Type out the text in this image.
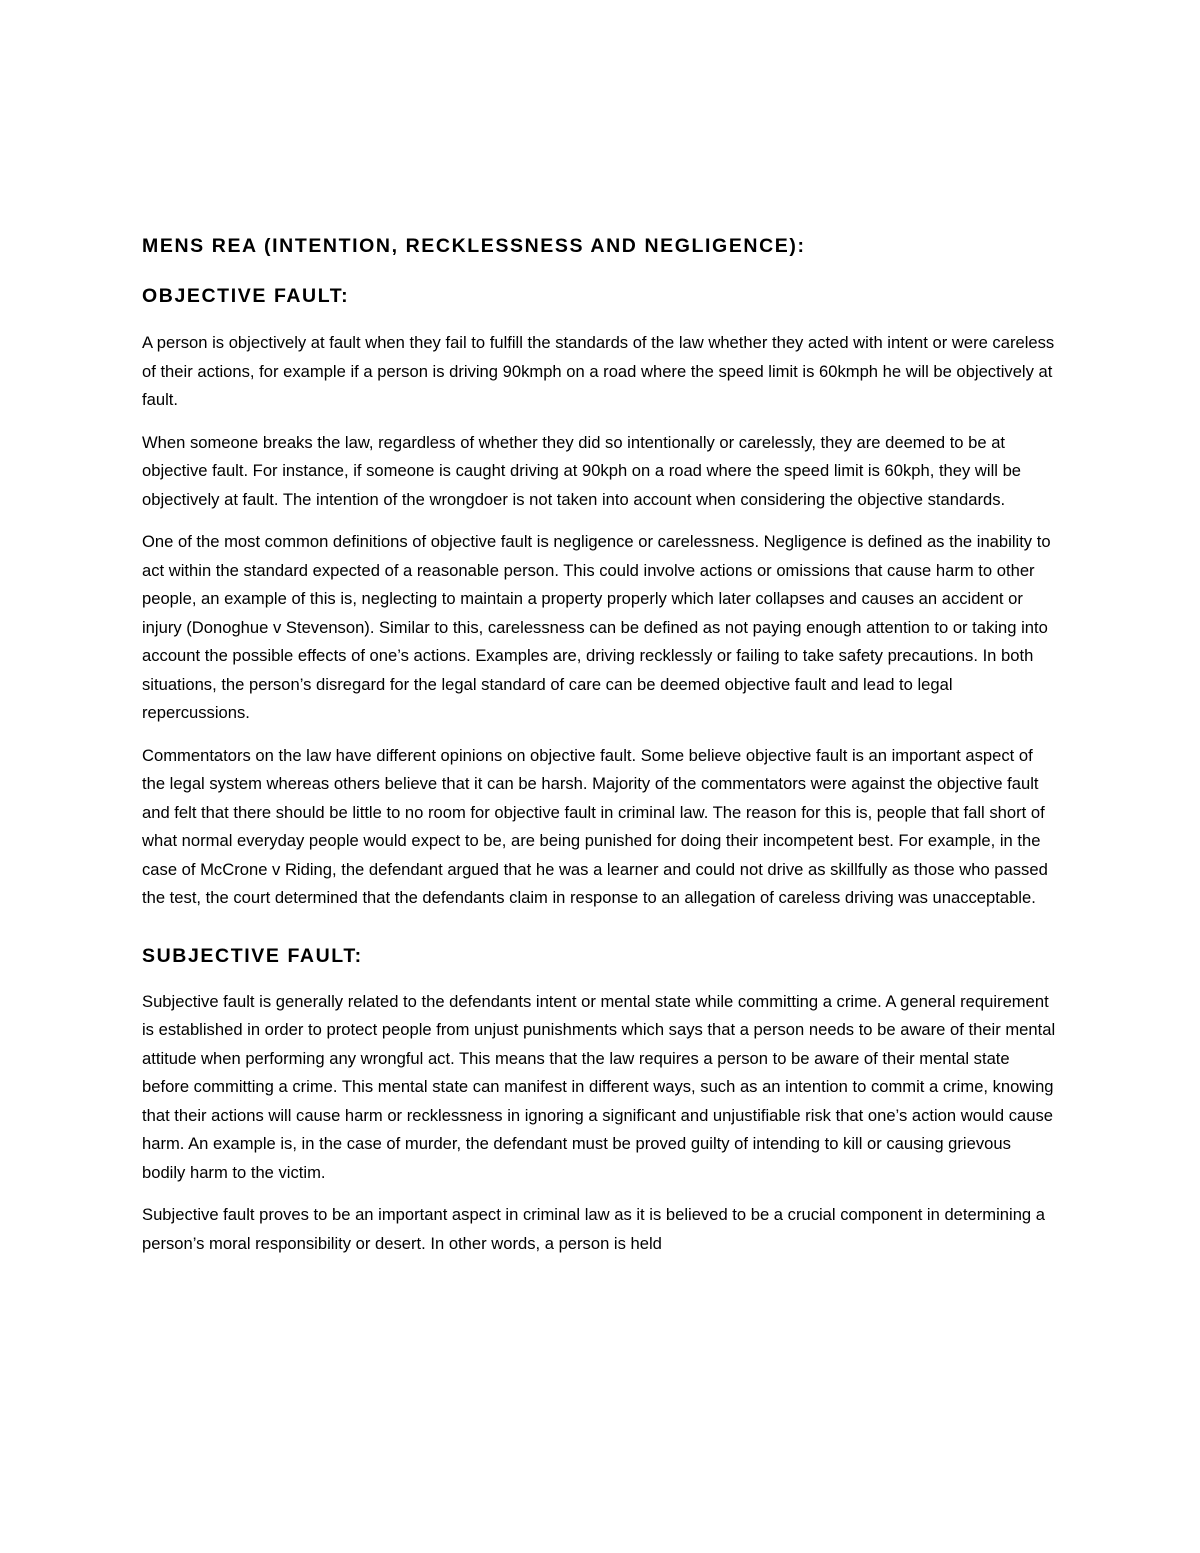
MENS REA (INTENTION, RECKLESSNESS AND NEGLIGENCE):
OBJECTIVE FAULT:

A person is objectively at fault when they fail to fulfill the standards of the law whether they acted with intent or were careless of their actions, for example if a person is driving 90kmph on a road where the speed limit is 60kmph he will be objectively at fault.

When someone breaks the law, regardless of whether they did so intentionally or carelessly, they are deemed to be at objective fault. For instance, if someone is caught driving at 90kph on a road where the speed limit is 60kph, they will be objectively at fault. The intention of the wrongdoer is not taken into account when considering the objective standards.

One of the most common definitions of objective fault is negligence or carelessness. Negligence is defined as the inability to act within the standard expected of a reasonable person. This could involve actions or omissions that cause harm to other people, an example of this is, neglecting to maintain a property properly which later collapses and causes an accident or injury (Donoghue v Stevenson). Similar to this, carelessness can be defined as not paying enough attention to or taking into account the possible effects of one’s actions. Examples are, driving recklessly or failing to take safety precautions. In both situations, the person’s disregard for the legal standard of care can be deemed objective fault and lead to legal repercussions.

Commentators on the law have different opinions on objective fault. Some believe objective fault is an important aspect of the legal system whereas others believe that it can be harsh. Majority of the commentators were against the objective fault and felt that there should be little to no room for objective fault in criminal law. The reason for this is, people that fall short of what normal everyday people would expect to be, are being punished for doing their incompetent best. For example, in the case of McCrone v Riding, the defendant argued that he was a learner and could not drive as skillfully as those who passed the test, the court determined that the defendants claim in response to an allegation of careless driving was unacceptable.

SUBJECTIVE FAULT:

Subjective fault is generally related to the defendants intent or mental state while committing a crime. A general requirement is established in order to protect people from unjust punishments which says that a person needs to be aware of their mental attitude when performing any wrongful act. This means that the law requires a person to be aware of their mental state before committing a crime. This mental state can manifest in different ways, such as an intention to commit a crime, knowing that their actions will cause harm or recklessness in ignoring a significant and unjustifiable risk that one’s action would cause harm. An example is, in the case of murder, the defendant must be proved guilty of intending to kill or causing grievous bodily harm to the victim.

Subjective fault proves to be an important aspect in criminal law as it is believed to be a crucial component in determining a person’s moral responsibility or desert. In other words, a person is held
